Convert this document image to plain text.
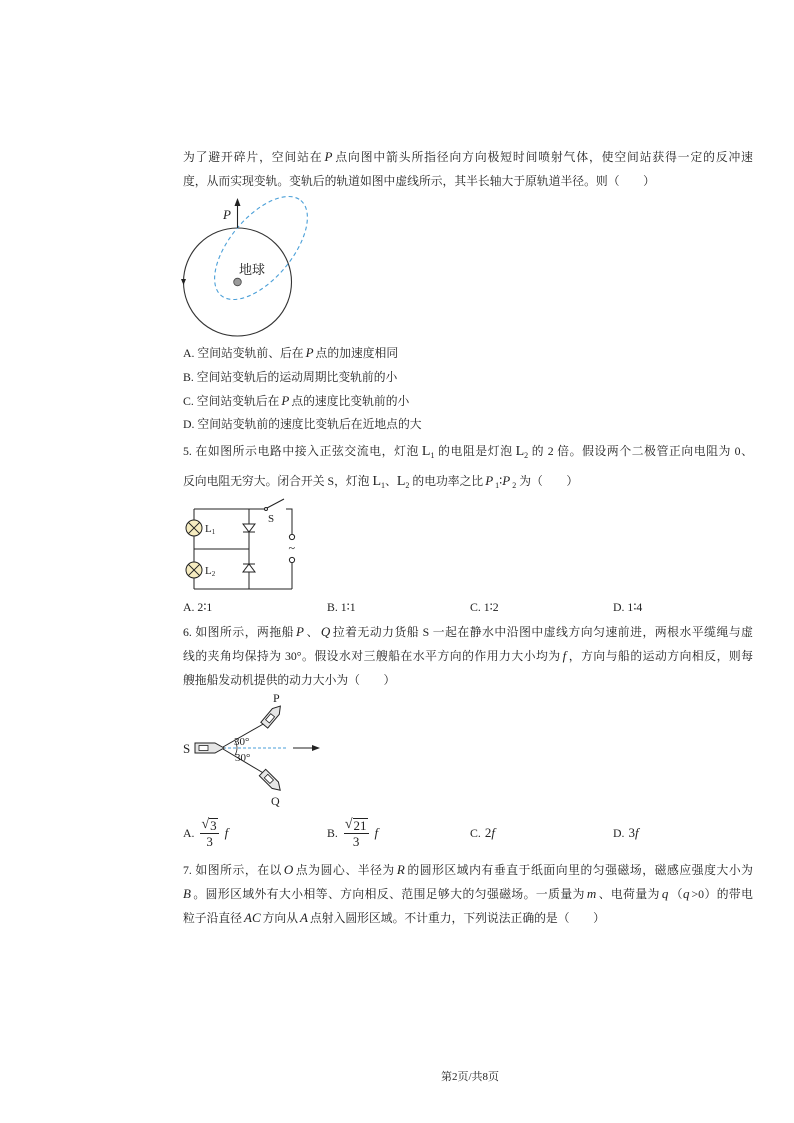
为了避开碎片，空间站在 P 点向图中箭头所指径向方向极短时间喷射气体，使空间站获得一定的反冲速
度，从而实现变轨。变轨后的轨道如图中虚线所示，其半长轴大于原轨道半径。则（　　）
P
地球
A. 空间站变轨前、后在 P 点的加速度相同
B. 空间站变轨后的运动周期比变轨前的小
C. 空间站变轨后在 P 点的速度比变轨前的小
D. 空间站变轨前的速度比变轨后在近地点的大
5. 在如图所示电路中接入正弦交流电，灯泡 $L_1$ 的电阻是灯泡 $L_2$ 的 2 倍。假设两个二极管正向电阻为 0、
反向电阻无穷大。闭合开关 S，灯泡 $L_1$、$L_2$ 的电功率之比 P $_1$∶P $_2$ 为（　　）
S
~
L1
L2
A. 2∶1	B. 1∶1	C. 1∶2	D. 1∶4
6. 如图所示，两拖船 P 、 Q 拉着无动力货船 S 一起在静水中沿图中虚线方向匀速前进，两根水平缆绳与虚
线的夹角均保持为 30°。假设水对三艘船在水平方向的作用力大小均为 f ，方向与船的运动方向相反，则每
艘拖船发动机提供的动力大小为（　　）
S
P
Q
30°
30°
A. $\frac{√ 3}{3}$ f	B. $\frac{√ 21}{3}$ f	C. 2 f	D. 3 f
7. 如图所示，在以 O 点为圆心、半径为 R 的圆形区域内有垂直于纸面向里的匀强磁场，磁感应强度大小为
B 。圆形区域外有大小相等、方向相反、范围足够大的匀强磁场。一质量为 m 、电荷量为 q （q >0）的带电
粒子沿直径 AC 方向从 A 点射入圆形区域。不计重力，下列说法正确的是（　　）
第2页/共8页
